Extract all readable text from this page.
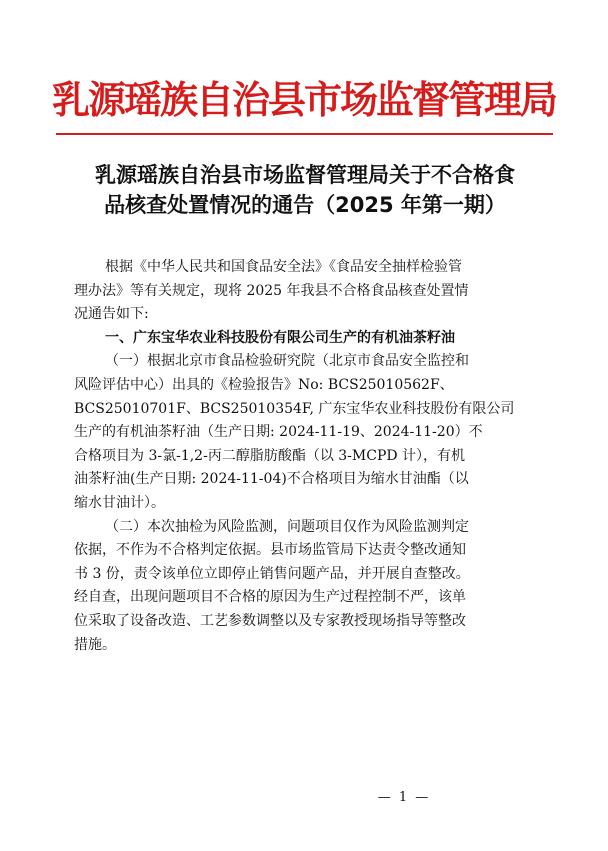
乳源瑶族自治县市场监督管理局
乳源瑶族自治县市场监督管理局关于不合格食
品核查处置情况的通告（2025 年第一期）
根据《中华人民共和国食品安全法》《食品安全抽样检验管
理办法》等有关规定，现将 2025 年我县不合格食品核查处置情
况通告如下:
一、广东宝华农业科技股份有限公司生产的有机油茶籽油
（一）根据北京市食品检验研究院（北京市食品安全监控和
风险评估中心）出具的《检验报告》No: BCS25010562F、
BCS25010701F、BCS25010354F, 广东宝华农业科技股份有限公司
生产的有机油茶籽油（生产日期: 2024-11-19、2024-11-20）不
合格项目为 3-氯-1,2-丙二醇脂肪酸酯（以 3-MCPD 计），有机
油茶籽油(生产日期: 2024-11-04)不合格项目为缩水甘油酯（以
缩水甘油计）。
（二）本次抽检为风险监测，问题项目仅作为风险监测判定
依据，不作为不合格判定依据。县市场监管局下达责令整改通知
书 3 份，责令该单位立即停止销售问题产品，并开展自查整改。
经自查，出现问题项目不合格的原因为生产过程控制不严，该单
位采取了设备改造、工艺参数调整以及专家教授现场指导等整改
措施。
— 1 —
